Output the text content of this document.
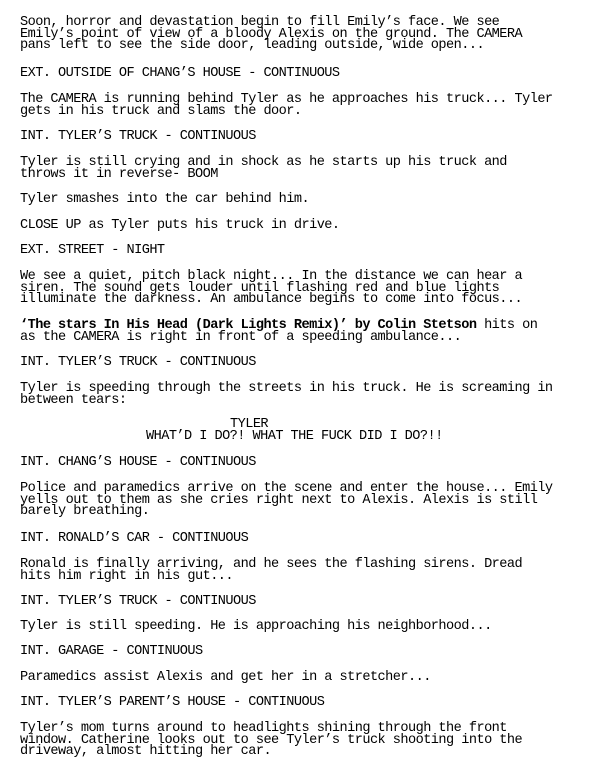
Soon, horror and devastation begin to fill Emily’s face. We see
Emily’s point of view of a bloody Alexis on the ground. The CAMERA
pans left to see the side door, leading outside, wide open...

EXT. OUTSIDE OF CHANG’S HOUSE - CONTINUOUS

The CAMERA is running behind Tyler as he approaches his truck... Tyler
gets in his truck and slams the door.

INT. TYLER’S TRUCK - CONTINUOUS

Tyler is still crying and in shock as he starts up his truck and
throws it in reverse- BOOM

Tyler smashes into the car behind him.

CLOSE UP as Tyler puts his truck in drive.

EXT. STREET - NIGHT

We see a quiet, pitch black night... In the distance we can hear a
siren. The sound gets louder until flashing red and blue lights
illuminate the darkness. An ambulance begins to come into focus...

‘The stars In His Head (Dark Lights Remix)’ by Colin Stetson hits on

as the CAMERA is right in front of a speeding ambulance...

INT. TYLER’S TRUCK - CONTINUOUS

Tyler is speeding through the streets in his truck. He is screaming in
between tears:

TYLER

WHAT’D I DO?! WHAT THE FUCK DID I DO?!!

INT. CHANG’S HOUSE - CONTINUOUS

Police and paramedics arrive on the scene and enter the house... Emily
yells out to them as she cries right next to Alexis. Alexis is still
barely breathing.

INT. RONALD’S CAR - CONTINUOUS

Ronald is finally arriving, and he sees the flashing sirens. Dread
hits him right in his gut...

INT. TYLER’S TRUCK - CONTINUOUS

Tyler is still speeding. He is approaching his neighborhood...

INT. GARAGE - CONTINUOUS

Paramedics assist Alexis and get her in a stretcher...

INT. TYLER’S PARENT’S HOUSE - CONTINUOUS

Tyler’s mom turns around to headlights shining through the front
window. Catherine looks out to see Tyler’s truck shooting into the
driveway, almost hitting her car.
